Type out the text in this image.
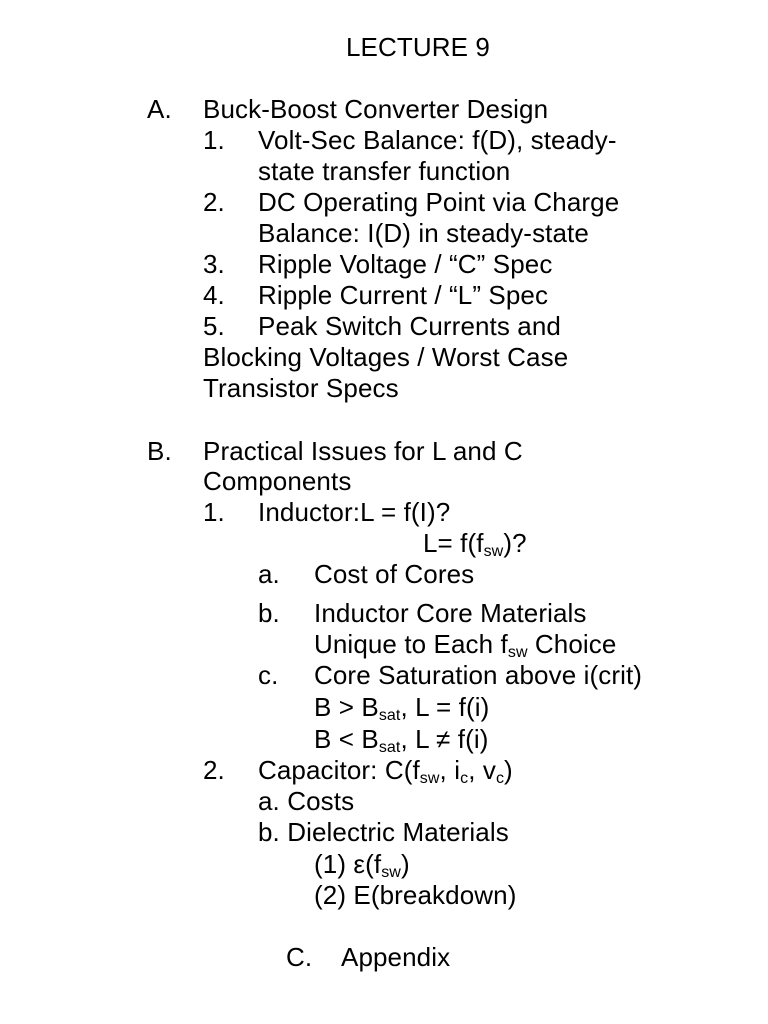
LECTURE 9
A. Buck-Boost Converter Design
1. Volt-Sec Balance: f(D), steady-
state transfer function
2. DC Operating Point via Charge
Balance: I(D) in steady-state
3. Ripple Voltage / “C” Spec
4. Ripple Current / “L” Spec
5. Peak Switch Currents and
Blocking Voltages / Worst Case
Transistor Specs
B. Practical Issues for L and C
Components
1. Inductor:L = f(I)?
$L= f(f_{sw})$?
a. Cost of Cores
b. Inductor Core Materials
Unique to Each $f_{sw}$ Choice
c. Core Saturation above i(crit)
$B > B_{sat}$, L = f(i)
$B < B_{sat}$, L ≠ f(i)
2. Capacitor: $C(f_{sw}$, $i_c$, $v_c$)
a. Costs
b. Dielectric Materials
(1) $\varepsilon(f_{sw})$
(2) E(breakdown)
C. Appendix
